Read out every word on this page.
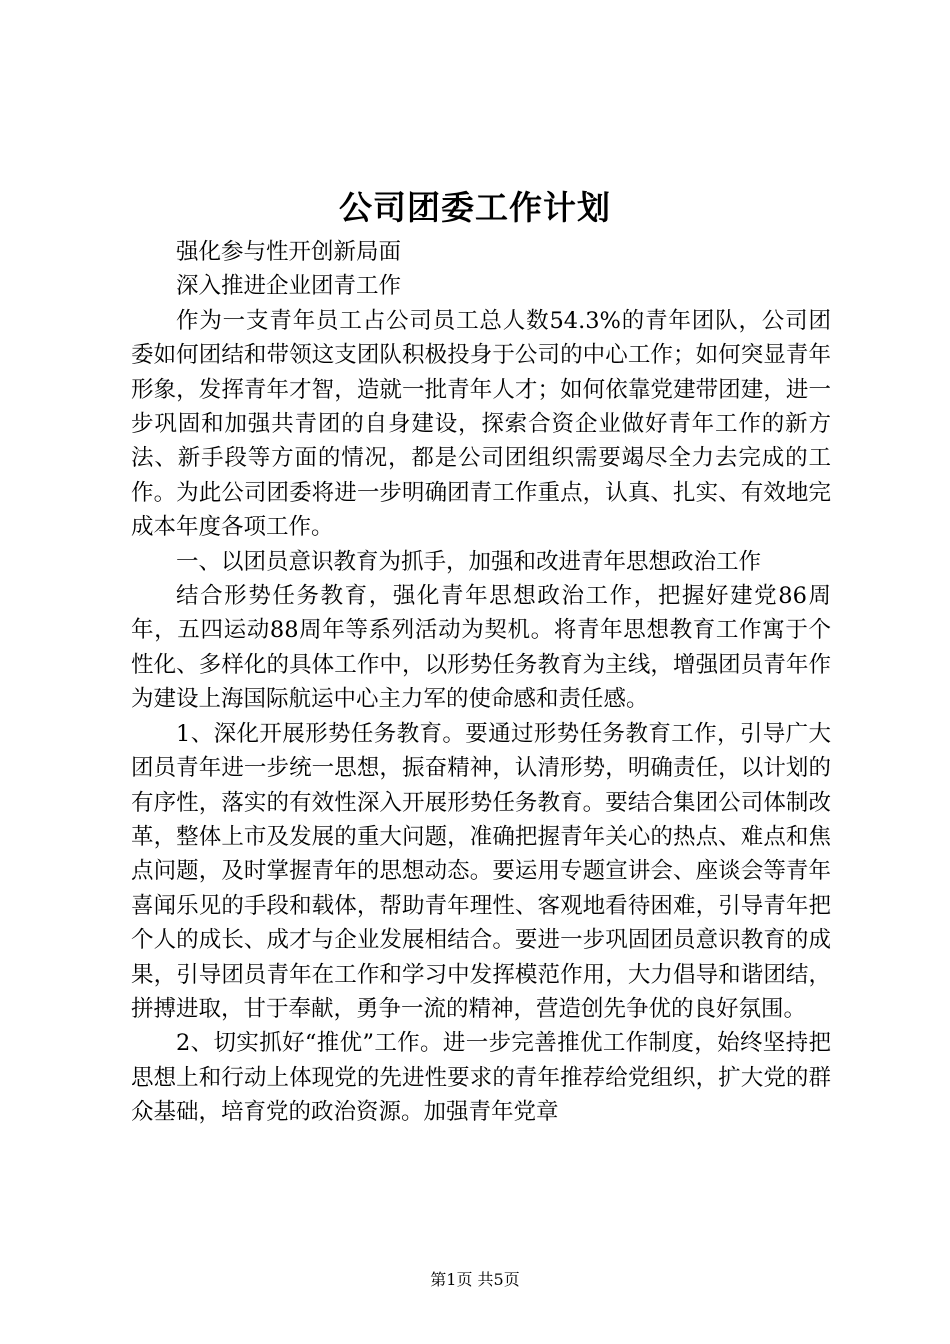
公司团委工作计划

强化参与性开创新局面

深入推进企业团青工作

作为一支青年员工占公司员工总人数54.3%的青年团队，公司团委如何团结和带领这支团队积极投身于公司的中心工作；如何突显青年形象，发挥青年才智，造就一批青年人才；如何依靠党建带团建，进一步巩固和加强共青团的自身建设，探索合资企业做好青年工作的新方法、新手段等方面的情况，都是公司团组织需要竭尽全力去完成的工作。为此公司团委将进一步明确团青工作重点，认真、扎实、有效地完成本年度各项工作。

一、以团员意识教育为抓手，加强和改进青年思想政治工作

结合形势任务教育，强化青年思想政治工作，把握好建党86周年，五四运动88周年等系列活动为契机。将青年思想教育工作寓于个性化、多样化的具体工作中，以形势任务教育为主线，增强团员青年作为建设上海国际航运中心主力军的使命感和责任感。

1、深化开展形势任务教育。要通过形势任务教育工作，引导广大团员青年进一步统一思想，振奋精神，认清形势，明确责任，以计划的有序性，落实的有效性深入开展形势任务教育。要结合集团公司体制改革，整体上市及发展的重大问题，准确把握青年关心的热点、难点和焦点问题，及时掌握青年的思想动态。要运用专题宣讲会、座谈会等青年喜闻乐见的手段和载体，帮助青年理性、客观地看待困难，引导青年把个人的成长、成才与企业发展相结合。要进一步巩固团员意识教育的成果，引导团员青年在工作和学习中发挥模范作用，大力倡导和谐团结，拼搏进取，甘于奉献，勇争一流的精神，营造创先争优的良好氛围。

2、切实抓好“推优”工作。进一步完善推优工作制度，始终坚持把思想上和行动上体现党的先进性要求的青年推荐给党组织，扩大党的群众基础，培育党的政治资源。加强青年党章

第1页 共5页
